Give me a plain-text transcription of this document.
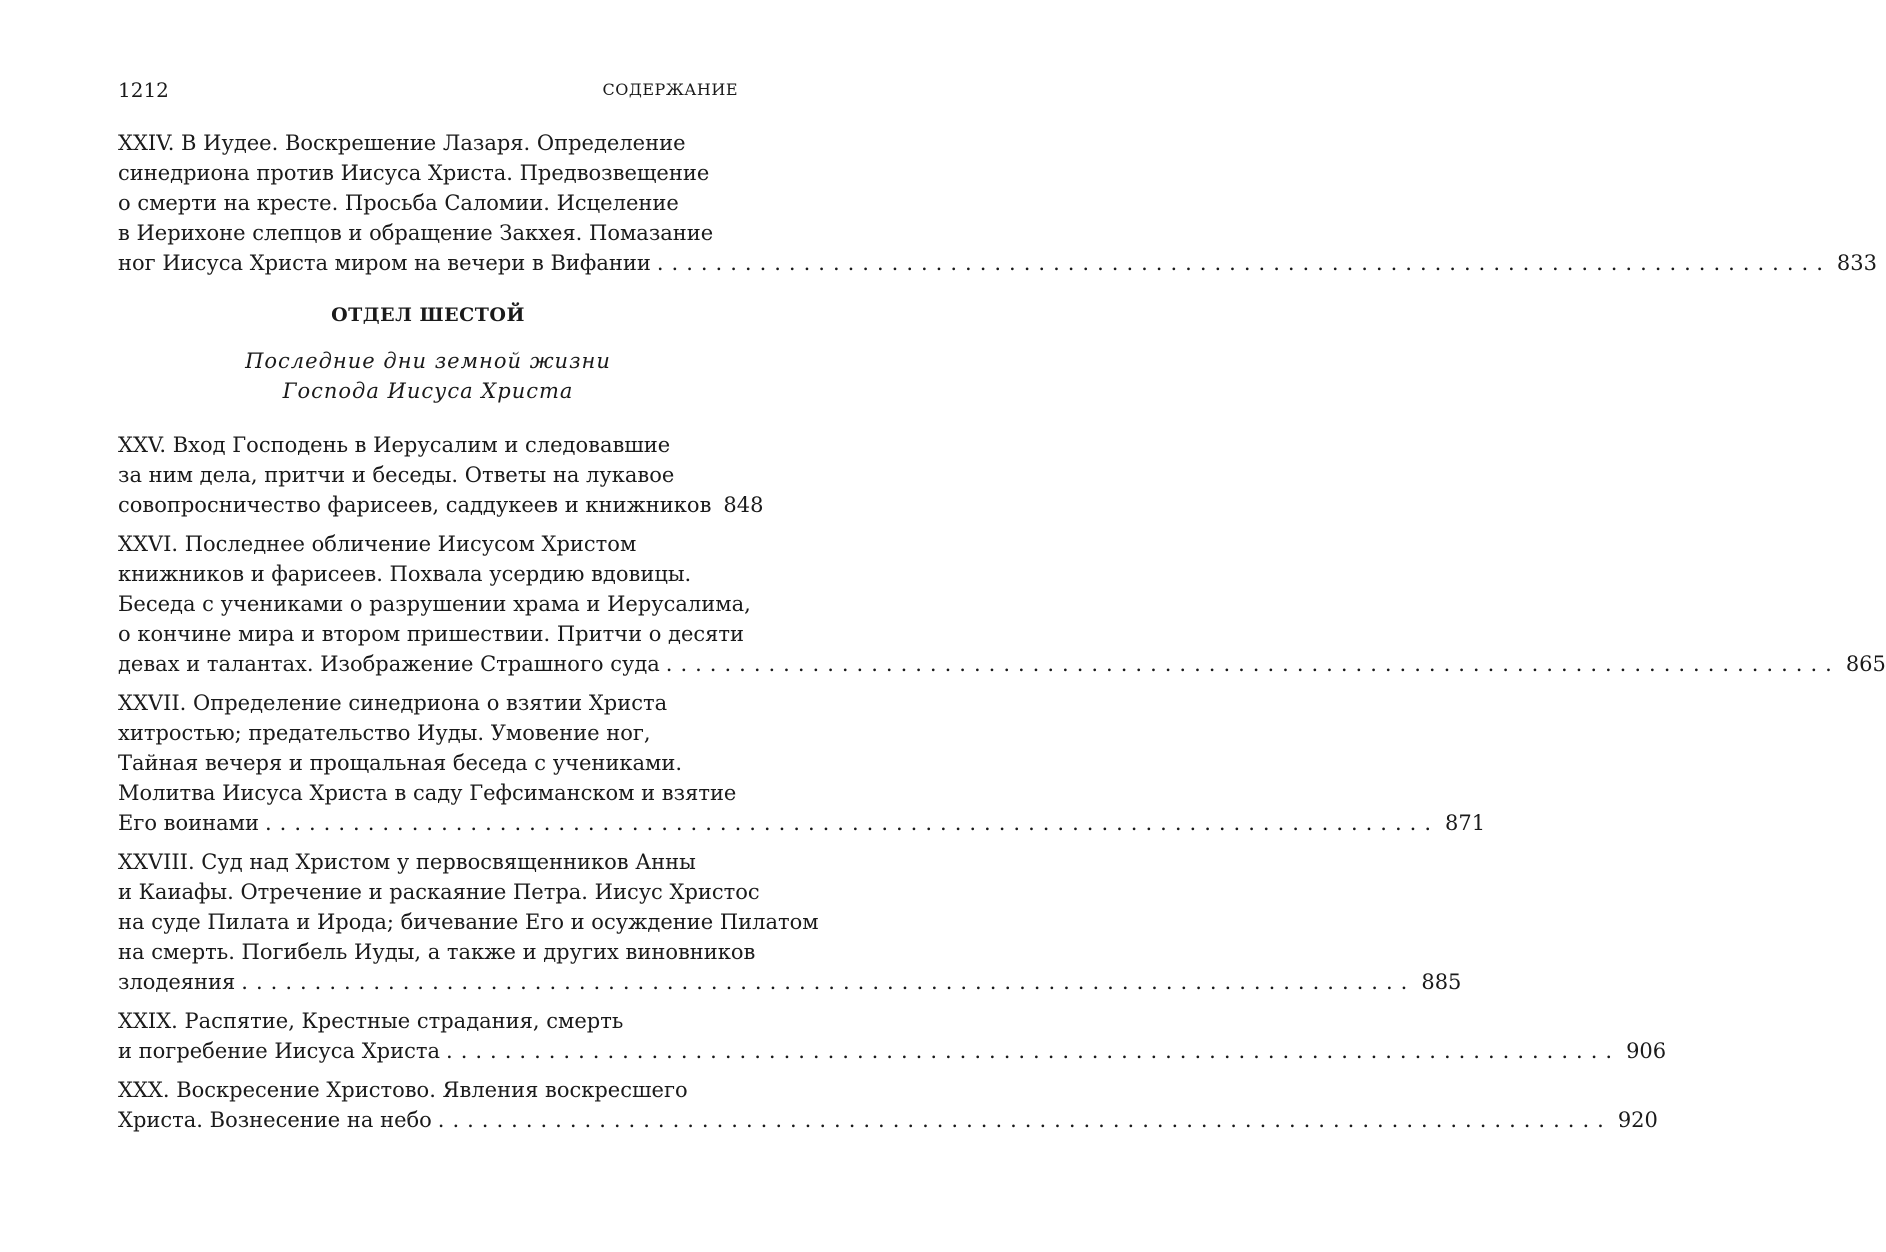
1212	СОДЕРЖАНИЕ
XXIV. В Иудее. Воскрешение Лазаря. Определение
синедриона против Иисуса Христа. Предвозвещение
о смерти на кресте. Просьба Саломии. Исцеление
в Иерихоне слепцов и обращение Закхея. Помазание
ног Иисуса Христа миром на вечери в Вифании ................................................................................ 833
ОТДЕЛ ШЕСТОЙ
Последние дни земной жизни
Господа Иисуса Христа
XXV. Вход Господень в Иерусалим и следовавшие
за ним дела, притчи и беседы. Ответы на лукавое
совопросничество фарисеев, саддукеев и книжников 848
XXVI. Последнее обличение Иисусом Христом
книжников и фарисеев. Похвала усердию вдовицы.
Беседа с учениками о разрушении храма и Иерусалима,
о кончине мира и втором пришествии. Притчи о десяти
девах и талантах. Изображение Страшного суда ................................................................................ 865
XXVII. Определение синедриона о взятии Христа
хитростью; предательство Иуды. Умовение ног,
Тайная вечеря и прощальная беседа с учениками.
Молитва Иисуса Христа в саду Гефсиманском и взятие
Его воинами ................................................................................ 871
XXVIII. Суд над Христом у первосвященников Анны
и Каиафы. Отречение и раскаяние Петра. Иисус Христос
на суде Пилата и Ирода; бичевание Его и осуждение Пилатом
на смерть. Погибель Иуды, а также и других виновников
злодеяния ................................................................................ 885
XXIX. Распятие, Крестные страдания, смерть
и погребение Иисуса Христа ................................................................................ 906
XXX. Воскресение Христово. Явления воскресшего
Христа. Вознесение на небо ................................................................................ 920
